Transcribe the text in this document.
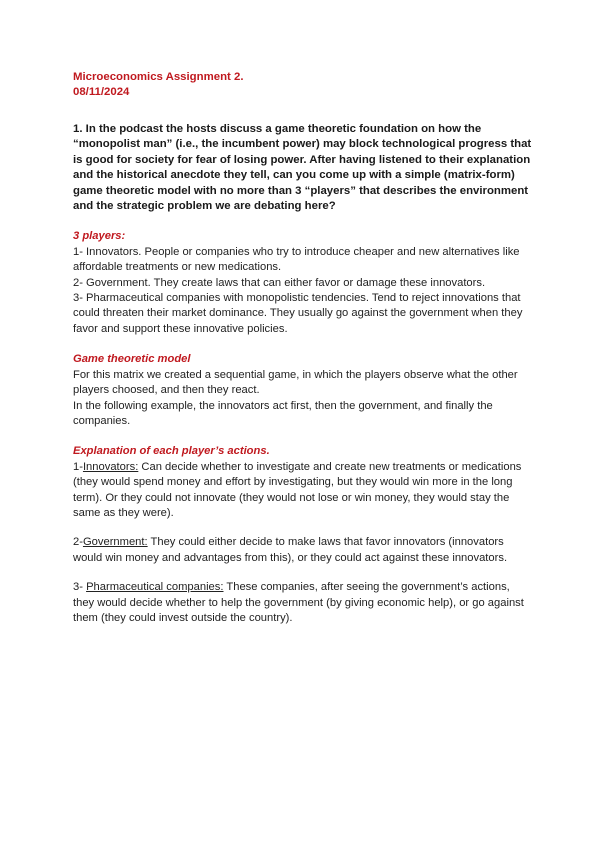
Microeconomics Assignment 2.

08/11/2024

1. In the podcast the hosts discuss a game theoretic foundation on how the “monopolist man” (i.e., the incumbent power) may block technological progress that is good for society for fear of losing power. After having listened to their explanation and the historical anecdote they tell, can you come up with a simple (matrix-form) game theoretic model with no more than 3 “players” that describes the environment and the strategic problem we are debating here?

3 players:

1- Innovators. People or companies who try to introduce cheaper and new alternatives like affordable treatments or new medications.

2- Government. They create laws that can either favor or damage these innovators.

3- Pharmaceutical companies with monopolistic tendencies. Tend to reject innovations that could threaten their market dominance. They usually go against the government when they favor and support these innovative policies.

Game theoretic model

For this matrix we created a sequential game, in which the players observe what the other players choosed, and then they react.

In the following example, the innovators act first, then the government, and finally the companies.

Explanation of each player’s actions.

1-Innovators: Can decide whether to investigate and create new treatments or medications (they would spend money and effort by investigating, but they would win more in the long term). Or they could not innovate (they would not lose or win money, they would stay the same as they were).

2-Government: They could either decide to make laws that favor innovators (innovators would win money and advantages from this), or they could act against these innovators.

3- Pharmaceutical companies: These companies, after seeing the government’s actions, they would decide whether to help the government (by giving economic help), or go against them (they could invest outside the country).
